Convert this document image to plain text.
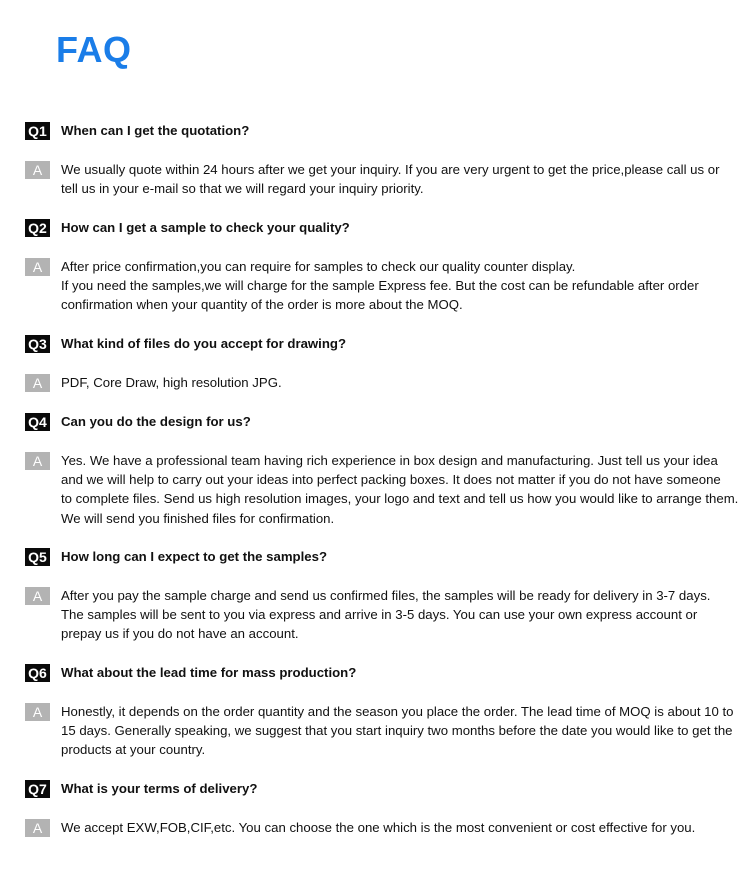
FAQ
Q1 When can I get the quotation?
A	We usually quote within 24 hours after we get your inquiry. If you are very urgent to get the price,please call us or
tell us in your e-mail so that we will regard your inquiry priority.
Q2 How can I get a sample to check your quality?
A	After price confirmation,you can require for samples to check our quality counter display.
If you need the samples,we will charge for the sample Express fee. But the cost can be refundable after order
confirmation when your quantity of the order is more about the MOQ.
Q3 What kind of files do you accept for drawing?
A	PDF, Core Draw, high resolution JPG.
Q4 Can you do the design for us?
A	Yes. We have a professional team having rich experience in box design and manufacturing. Just tell us your idea
and we will help to carry out your ideas into perfect packing boxes. It does not matter if you do not have someone
to complete files. Send us high resolution images, your logo and text and tell us how you would like to arrange them.
We will send you finished files for confirmation.
Q5 How long can I expect to get the samples?
A	After you pay the sample charge and send us confirmed files, the samples will be ready for delivery in 3-7 days.
The samples will be sent to you via express and arrive in 3-5 days. You can use your own express account or
prepay us if you do not have an account.
Q6 What about the lead time for mass production?
A	Honestly, it depends on the order quantity and the season you place the order. The lead time of MOQ is about 10 to
15 days. Generally speaking, we suggest that you start inquiry two months before the date you would like to get the
products at your country.
Q7 What is your terms of delivery?
A	We accept EXW,FOB,CIF,etc. You can choose the one which is the most convenient or cost effective for you.
